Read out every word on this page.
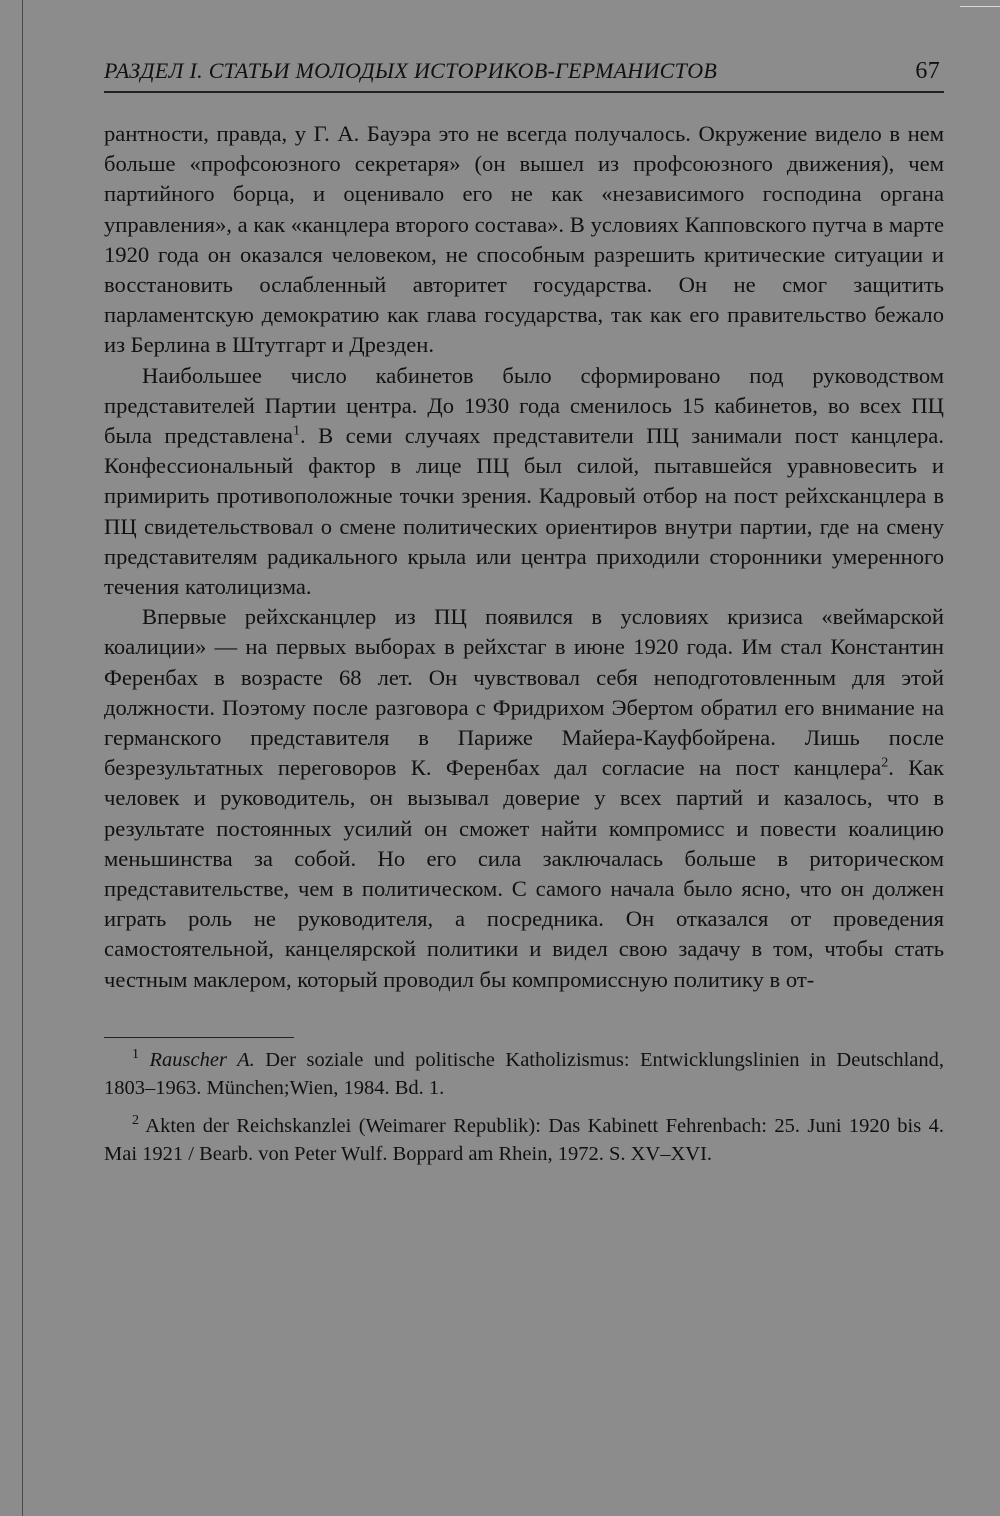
РАЗДЕЛ I. СТАТЬИ МОЛОДЫХ ИСТОРИКОВ-ГЕРМАНИСТОВ	67

рантности, правда, у Г. А. Бауэра это не всегда получалось. Окружение видело в нем больше «профсоюзного секретаря» (он вышел из профсоюзного движения), чем партийного борца, и оценивало его не как «независимого господина органа управления», а как «канцлера второго состава». В условиях Капповского путча в марте 1920 года он оказался человеком, не способным разрешить критические ситуации и восстановить ослабленный авторитет государства. Он не смог защитить парламентскую демократию как глава государства, так как его правительство бежало из Берлина в Штутгарт и Дрезден.

Наибольшее число кабинетов было сформировано под руководством представителей Партии центра. До 1930 года сменилось 15 кабинетов, во всех ПЦ была представлена$^1$. В семи случаях представители ПЦ занимали пост канцлера. Конфессиональный фактор в лице ПЦ был силой, пытавшейся уравновесить и примирить противоположные точки зрения. Кадровый отбор на пост рейхсканцлера в ПЦ свидетельствовал о смене политических ориентиров внутри партии, где на смену представителям радикального крыла или центра приходили сторонники умеренного течения католицизма.

Впервые рейхсканцлер из ПЦ появился в условиях кризиса «веймарской коалиции» — на первых выборах в рейхстаг в июне 1920 года. Им стал Константин Ференбах в возрасте 68 лет. Он чувствовал себя неподготовленным для этой должности. Поэтому после разговора с Фридрихом Эбертом обратил его внимание на германского представителя в Париже Майера-Кауфбойрена. Лишь после безрезультатных переговоров К. Ференбах дал согласие на пост канцлера$^2$. Как человек и руководитель, он вызывал доверие у всех партий и казалось, что в результате постоянных усилий он сможет найти компромисс и повести коалицию меньшинства за собой. Но его сила заключалась больше в риторическом представительстве, чем в политическом. С самого начала было ясно, что он должен играть роль не руководителя, а посредника. Он отказался от проведения самостоятельной, канцелярской политики и видел свою задачу в том, чтобы стать честным маклером, который проводил бы компромиссную политику в от-

$^1$ Rauscher A. Der soziale und politische Katholizismus: Entwicklungslinien in Deutschland, 1803–1963. München;Wien, 1984. Bd. 1.

$^2$ Akten der Reichskanzlei (Weimarer Republik): Das Kabinett Fehrenbach: 25. Juni 1920 bis 4. Mai 1921 / Bearb. von Peter Wulf. Boppard am Rhein, 1972. S. XV–XVI.
